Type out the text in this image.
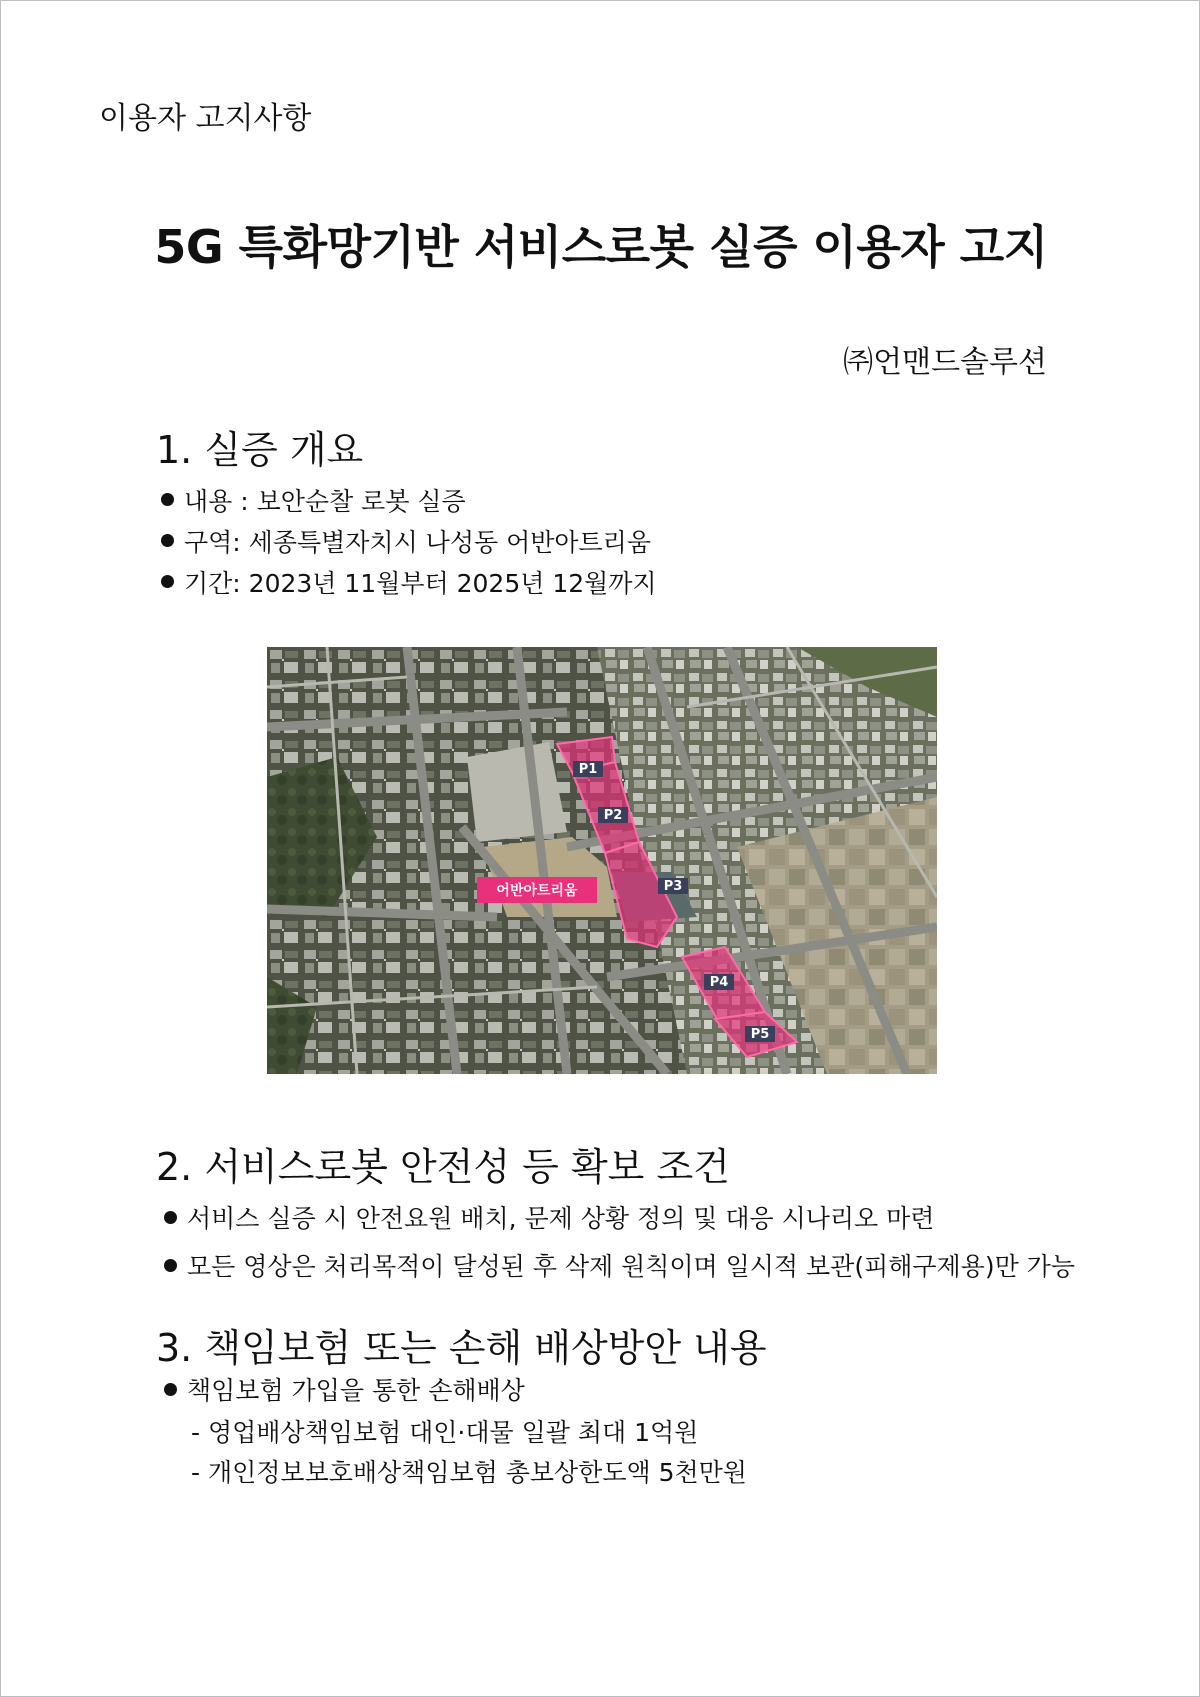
이용자 고지사항
5G 특화망기반 서비스로봇 실증 이용자 고지
㈜언맨드솔루션
1. 실증 개요
내용 : 보안순찰 로봇 실증
구역: 세종특별자치시 나성동 어반아트리움
기간: 2023년 11월부터 2025년 12월까지
P1
P2
P3
P4
P5
어반아트리움
2. 서비스로봇 안전성 등 확보 조건
서비스 실증 시 안전요원 배치, 문제 상황 정의 및 대응 시나리오 마련
모든 영상은 처리목적이 달성된 후 삭제 원칙이며 일시적 보관(피해구제용)만 가능
3. 책임보험 또는 손해 배상방안 내용
책임보험 가입을 통한 손해배상
- 영업배상책임보험 대인·대물 일괄 최대 1억원
- 개인정보보호배상책임보험 총보상한도액 5천만원
